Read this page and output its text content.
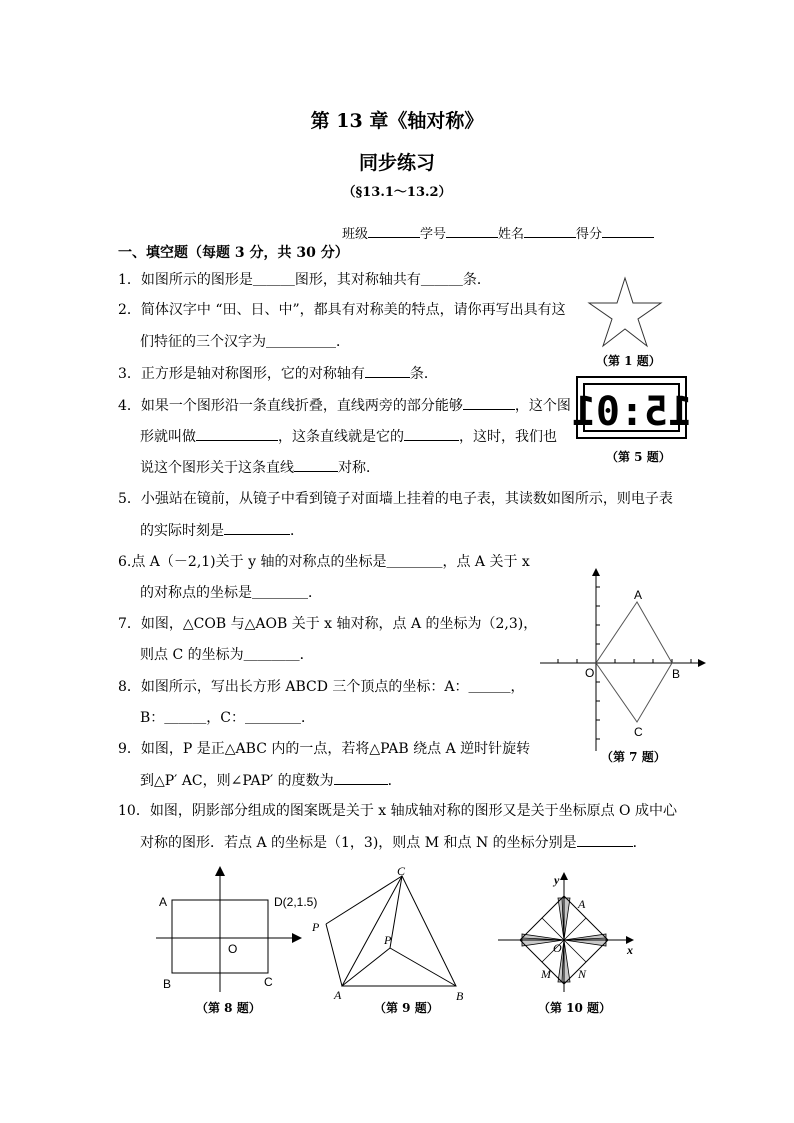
第 13 章《轴对称》
同步练习
（§13.1～13.2）
班级	学号	姓名	得分
一、填空题（每题 3 分，共 30 分）
1．如图所示的图形是＿＿＿图形，其对称轴共有＿＿＿条．
2．简体汉字中 “田、日、中”，都具有对称美的特点，请你再写出具有这
们特征的三个汉字为＿＿＿＿＿．
3．正方形是轴对称图形，它的对称轴有	条．
4．如果一个图形沿一条直线折叠，直线两旁的部分能够	，这个图
形就叫做	，这条直线就是它的	，这时，我们也
说这个图形关于这条直线	对称．
5．小强站在镜前，从镜子中看到镜子对面墙上挂着的电子表，其读数如图所示，则电子表
的实际时刻是	．
6.点 A（－2,1)关于 y 轴的对称点的坐标是＿＿＿＿，点 A 关于 x
的对称点的坐标是＿＿＿＿．
7．如图，△COB 与△AOB 关于 x 轴对称，点 A 的坐标为（2,3)，
则点 C 的坐标为＿＿＿＿．
8．如图所示，写出长方形 ABCD 三个顶点的坐标：A：＿＿＿，
B：＿＿＿，C：＿＿＿＿．
9．如图，P 是正△ABC 内的一点，若将△PAB 绕点 A 逆时针旋转
到△P′ AC，则∠PAP′ 的度数为	．
10．如图，阴影部分组成的图案既是关于 x 轴成轴对称的图形又是关于坐标原点 O 成中心
对称的图形．若点 A 的坐标是（1，3)，则点 M 和点 N 的坐标分别是	．
（第 1 题）
15:01
（第 5 题）
A
O	B
C
（第 7 题）
A	D(2,1.5)
O
B	C
（第 8 题）
C
P
P
A	B
（第 9 题）
y
x
A
O
M N
（第 10 题）
